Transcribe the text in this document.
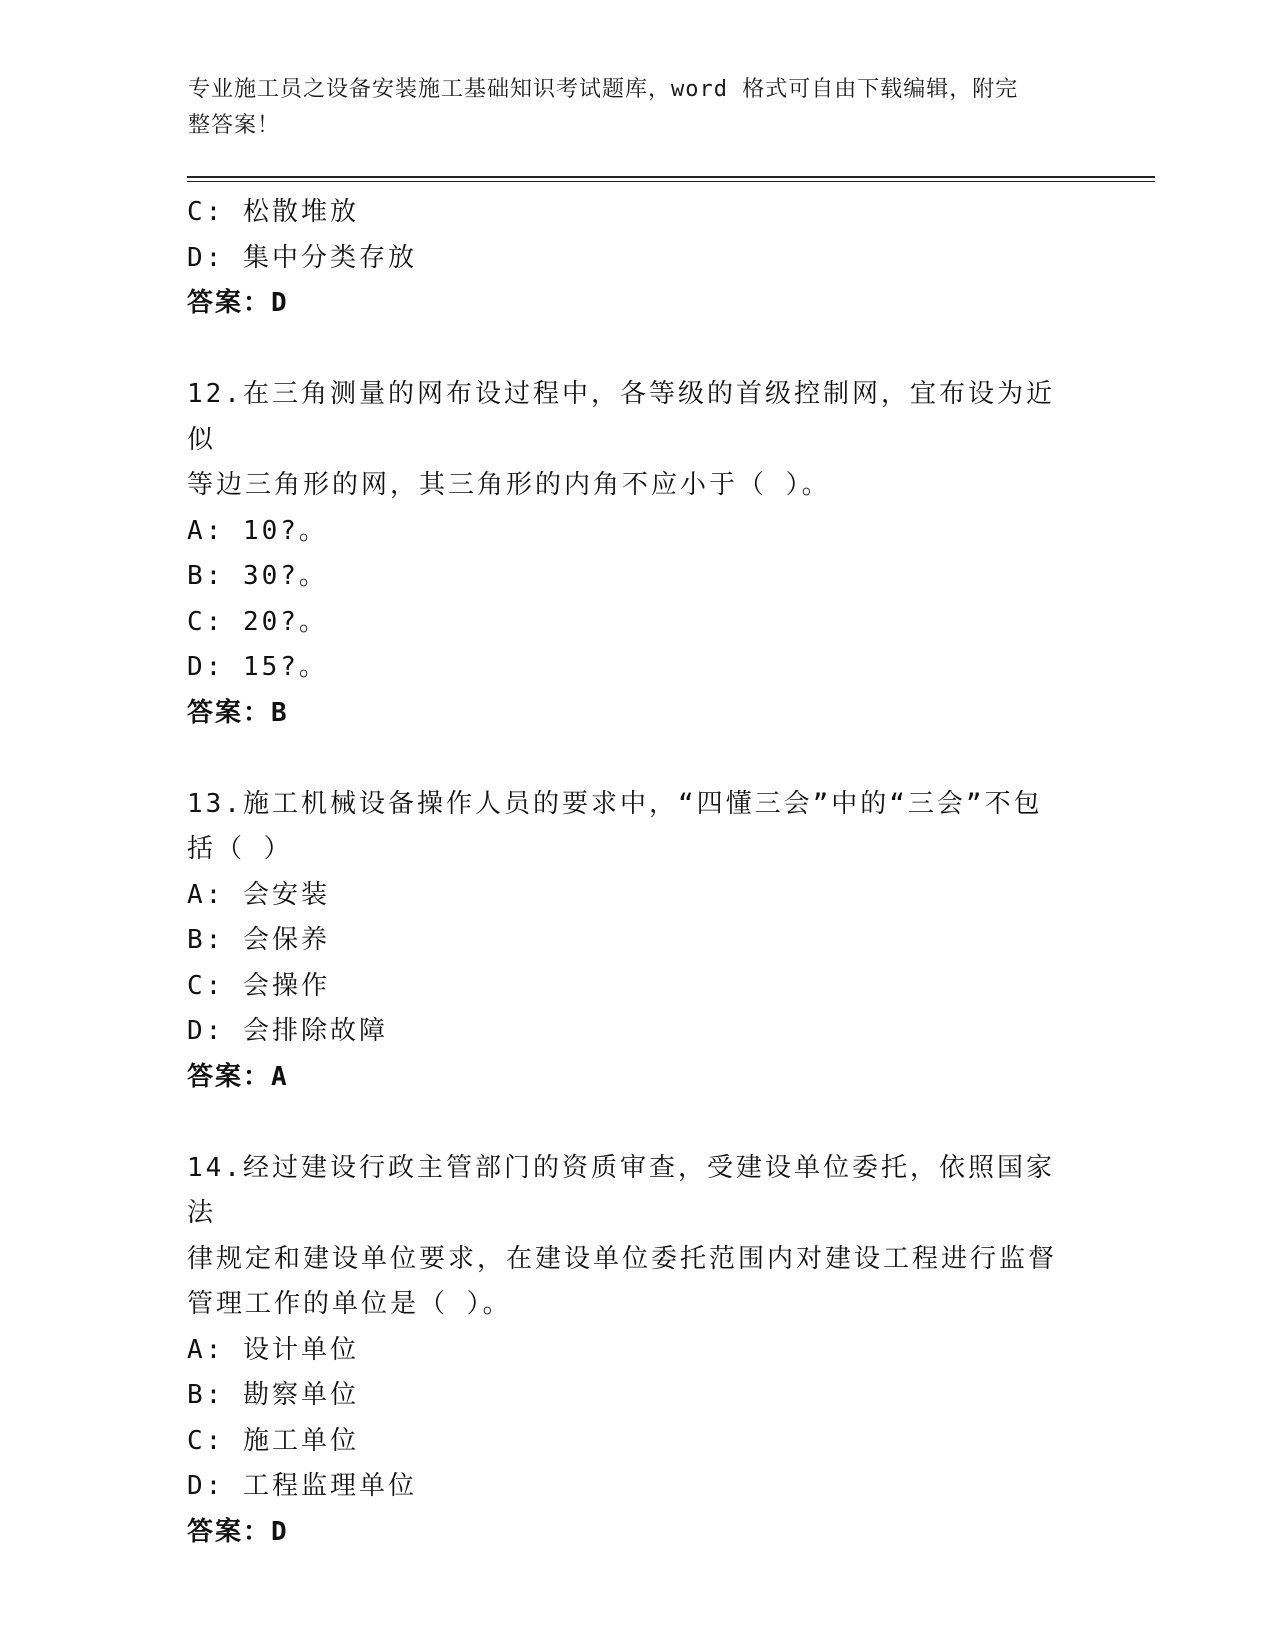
专业施工员之设备安装施工基础知识考试题库，word 格式可自由下载编辑，附完
整答案！
C: 松散堆放
D: 集中分类存放
答案：D
12.在三角测量的网布设过程中，各等级的首级控制网，宜布设为近似
等边三角形的网，其三角形的内角不应小于（ ）。
A: 10?。
B: 30?。
C: 20?。
D: 15?。
答案：B
13.施工机械设备操作人员的要求中，“四懂三会”中的“三会”不包
括（ ）
A: 会安装
B: 会保养
C: 会操作
D: 会排除故障
答案：A
14.经过建设行政主管部门的资质审查，受建设单位委托，依照国家法
律规定和建设单位要求，在建设单位委托范围内对建设工程进行监督
管理工作的单位是（ ）。
A: 设计单位
B: 勘察单位
C: 施工单位
D: 工程监理单位
答案：D
